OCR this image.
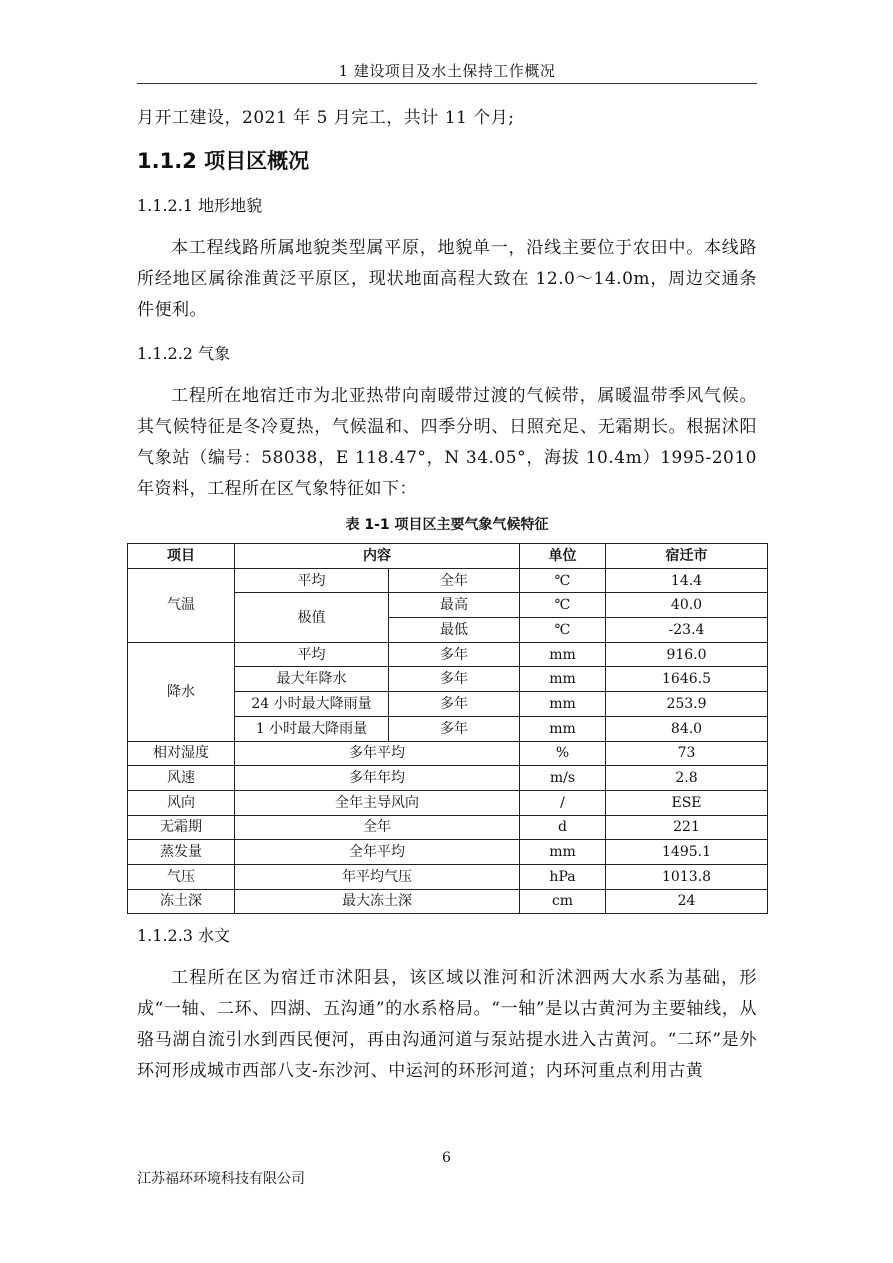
1 建设项目及水土保持工作概况

月开工建设，2021 年 5 月完工，共计 11 个月;

1.1.2 项目区概况

1.1.2.1 地形地貌

本工程线路所属地貌类型属平原，地貌单一，沿线主要位于农田中。本线路所经地区属徐淮黄泛平原区，现状地面高程大致在 12.0～14.0m，周边交通条件便利。

1.1.2.2 气象

工程所在地宿迁市为北亚热带向南暖带过渡的气候带，属暖温带季风气候。其气候特征是冬冷夏热，气候温和、四季分明、日照充足、无霜期长。根据沭阳气象站（编号：58038，E 118.47°，N 34.05°，海拔 10.4m）1995-2010 年资料，工程所在区气象特征如下：

表 1-1 项目区主要气象气候特征
项目	内容		单位	宿迁市
气温	平均	全年	℃	14.4
	极值	最高	℃	40.0
		最低	℃	-23.4
降水	平均	多年	mm	916.0
	最大年降水	多年	mm	1646.5
	24 小时最大降雨量	多年	mm	253.9
	1 小时最大降雨量	多年	mm	84.0
相对湿度	多年平均		%	73
风速	多年年均		m/s	2.8
风向	全年主导风向		/	ESE
无霜期	全年		d	221
蒸发量	全年平均		mm	1495.1
气压	年平均气压		hPa	1013.8
冻土深	最大冻土深		cm	24

1.1.2.3 水文

工程所在区为宿迁市沭阳县，该区域以淮河和沂沭泗两大水系为基础，形成“一轴、二环、四湖、五沟通”的水系格局。“一轴”是以古黄河为主要轴线，从骆马湖自流引水到西民便河，再由沟通河道与泵站提水进入古黄河。“二环”是外环河形成城市西部八支-东沙河、中运河的环形河道；内环河重点利用古黄

6
江苏福环环境科技有限公司
